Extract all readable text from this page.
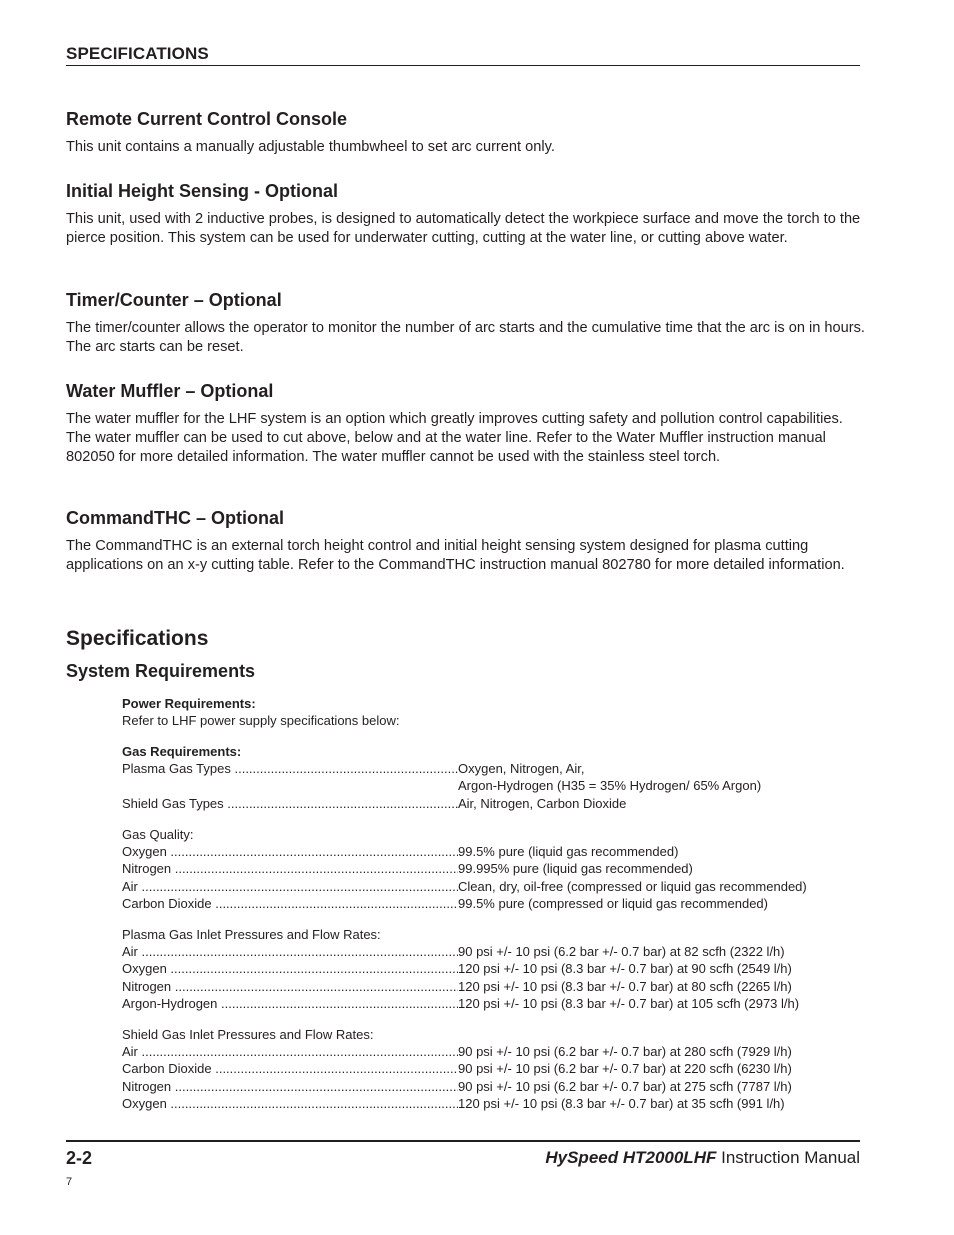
SPECIFICATIONS
Remote Current Control Console
This unit contains a manually adjustable thumbwheel to set arc current only.
Initial Height Sensing - Optional
This unit, used with 2 inductive probes, is designed to automatically detect the workpiece surface and move the torch to the pierce position. This system can be used for underwater cutting, cutting at the water line, or cutting above water.
Timer/Counter – Optional
The timer/counter allows the operator to monitor the number of arc starts and the cumulative time that the arc is on in hours. The arc starts can be reset.
Water Muffler – Optional
The water muffler for the LHF system is an option which greatly improves cutting safety and pollution control capabilities. The water muffler can be used to cut above, below and at the water line. Refer to the Water Muffler instruction manual 802050 for more detailed information. The water muffler cannot be used with the stainless steel torch.
CommandTHC – Optional
The CommandTHC is an external torch height control and initial height sensing system designed for plasma cutting applications on an x-y cutting table. Refer to the CommandTHC instruction manual 802780 for more detailed information.
Specifications
System Requirements
Power Requirements:
Refer to LHF power supply specifications below:
Gas Requirements:
Plasma Gas Types .....	Oxygen, Nitrogen, Air,
Argon-Hydrogen (H35 = 35% Hydrogen/ 65% Argon)
Shield Gas Types .....	Air, Nitrogen, Carbon Dioxide
Gas Quality:
Oxygen .....	99.5% pure (liquid gas recommended)
Nitrogen .....	99.995% pure (liquid gas recommended)
Air .....	Clean, dry, oil-free (compressed or liquid gas recommended)
Carbon Dioxide .....	99.5% pure (compressed or liquid gas recommended)
Plasma Gas Inlet Pressures and Flow Rates:
Air .....	90 psi +/- 10 psi (6.2 bar +/- 0.7 bar) at 82 scfh (2322 l/h)
Oxygen .....	120 psi +/- 10 psi (8.3 bar +/- 0.7 bar) at 90 scfh (2549 l/h)
Nitrogen .....	120 psi +/- 10 psi (8.3 bar +/- 0.7 bar) at 80 scfh (2265 l/h)
Argon-Hydrogen .....	120 psi +/- 10 psi (8.3 bar +/- 0.7 bar) at 105 scfh (2973 l/h)
Shield Gas Inlet Pressures and Flow Rates:
Air .....	90 psi +/- 10 psi (6.2 bar +/- 0.7 bar) at 280 scfh (7929 l/h)
Carbon Dioxide .....	90 psi +/- 10 psi (6.2 bar +/- 0.7 bar) at 220 scfh (6230 l/h)
Nitrogen .....	90 psi +/- 10 psi (6.2 bar +/- 0.7 bar) at 275 scfh (7787 l/h)
Oxygen .....	120 psi +/- 10 psi (8.3 bar +/- 0.7 bar) at 35 scfh (991 l/h)
2-2	HySpeed HT2000LHF Instruction Manual
7
